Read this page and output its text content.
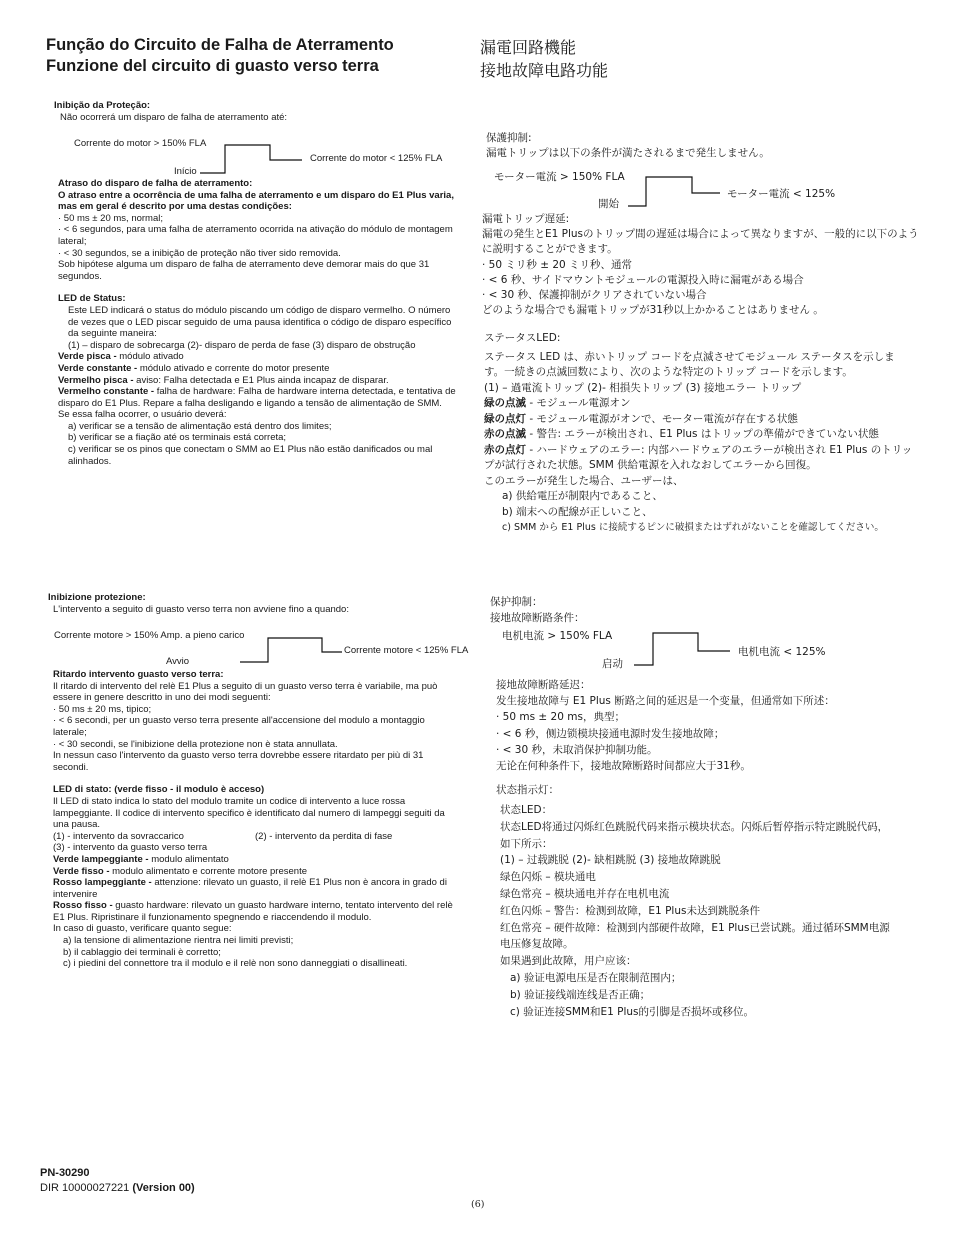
Função do Circuito de Falha de Aterramento
Funzione del circuito di guasto verso terra
漏電回路機能
接地故障电路功能
Inibição da Proteção:
Não ocorrerá um disparo de falha de aterramento até:
Corrente do motor > 150% FLA
Início
Corrente do motor < 125% FLA
Atraso do disparo de falha de aterramento:
O atraso entre a ocorrência de uma falha de aterramento e um disparo do E1 Plus varia, mas em geral é descrito por uma destas condições:
· 50 ms ± 20 ms, normal;
· < 6 segundos, para uma falha de aterramento ocorrida na ativação do módulo de montagem lateral;
· < 30 segundos, se a inibição de proteção não tiver sido removida.
Sob hipótese alguma um disparo de falha de aterramento deve demorar mais do que 31 segundos.
LED de Status:
Este LED indicará o status do módulo piscando um código de disparo vermelho. O número de vezes que o LED piscar seguido de uma pausa identifica o código de disparo específico da seguinte maneira:
(1) – disparo de sobrecarga (2)- disparo de perda de fase (3) disparo de obstrução
Verde pisca - módulo ativado
Verde constante - módulo ativado e corrente do motor presente
Vermelho pisca - aviso: Falha detectada e E1 Plus ainda incapaz de disparar.
Vermelho constante - falha de hardware: Falha de hardware interna detectada, e tentativa de disparo do E1 Plus. Repare a falha desligando e ligando a tensão de alimentação de SMM.
Se essa falha ocorrer, o usuário deverá:
a) verificar se a tensão de alimentação está dentro dos limites;
b) verificar se a fiação até os terminais está correta;
c) verificar se os pinos que conectam o SMM ao E1 Plus não estão danificados ou mal alinhados.
保護抑制:
漏電トリップは以下の条件が満たされるまで発生しません。
モーター電流 > 150% FLA
開始
モーター電流 < 125%
漏電トリップ遅延:
漏電の発生とE1 Plusのトリップ間の遅延は場合によって異なりますが、一般的に以下のように説明することができます。
· 50 ミリ秒 ± 20 ミリ秒、通常
· < 6 秒、サイドマウントモジュールの電源投入時に漏電がある場合
· < 30 秒、保護抑制がクリアされていない場合
どのような場合でも漏電トリップが31秒以上かかることはありません 。
ステータスLED:
ステータス LED は、赤いトリップ コードを点滅させてモジュール ステータスを示します。一続きの点滅回数により、次のような特定のトリップ コードを示します。
(1) – 過電流トリップ (2)- 相損失トリップ (3) 接地エラー トリップ
緑の点滅 - モジュール電源オン
緑の点灯 - モジュール電源がオンで、モーター電流が存在する状態
赤の点滅 - 警告: エラーが検出され、E1 Plus はトリップの準備ができていない状態
赤の点灯 - ハードウェアのエラー: 内部ハードウェアのエラーが検出され E1 Plus のトリップが試行された状態。SMM 供給電源を入れなおしてエラーから回復。
このエラーが発生した場合、ユーザーは、
a) 供給電圧が制限内であること、
b) 端末への配線が正しいこと、
c) SMM から E1 Plus に接続するピンに破損またはずれがないことを確認してください。
Inibizione protezione:
L'intervento a seguito di guasto verso terra non avviene fino a quando:
Corrente motore > 150% Amp. a pieno carico
Avvio
Corrente motore < 125% FLA
Ritardo intervento guasto verso terra:
Il ritardo di intervento del relè E1 Plus a seguito di un guasto verso terra è variabile, ma può essere in genere descritto in uno dei modi seguenti:
· 50 ms ± 20 ms, tipico;
· < 6 secondi, per un guasto verso terra presente all'accensione del modulo a montaggio laterale;
· < 30 secondi, se l'inibizione della protezione non è stata annullata.
In nessun caso l'intervento da guasto verso terra dovrebbe essere ritardato per più di 31 secondi.
LED di stato: (verde fisso - il modulo è acceso)
Il LED di stato indica lo stato del modulo tramite un codice di intervento a luce rossa lampeggiante. Il codice di intervento specifico è identificato dal numero di lampeggi seguiti da una pausa.
(1) - intervento da sovraccarico	(2) - intervento da perdita di fase
(3) - intervento da guasto verso terra
Verde lampeggiante - modulo alimentato
Verde fisso - modulo alimentato e corrente motore presente
Rosso lampeggiante - attenzione: rilevato un guasto, il relè E1 Plus non è ancora in grado di intervenire
Rosso fisso - guasto hardware: rilevato un guasto hardware interno, tentato intervento del relè E1 Plus. Ripristinare il funzionamento spegnendo e riaccendendo il modulo.
In caso di guasto, verificare quanto segue:
a) la tensione di alimentazione rientra nei limiti previsti;
b) il cablaggio dei terminali è corretto;
c) i piedini del connettore tra il modulo e il relè non sono danneggiati o disallineati.
保护抑制：
接地故障断路条件：
电机电流 > 150% FLA
启动
电机电流 < 125%
接地故障断路延迟：
发生接地故障与 E1 Plus 断路之间的延迟是一个变量，但通常如下所述：
· 50 ms ± 20 ms，典型；
· < 6 秒，侧边锁模块接通电源时发生接地故障；
· < 30 秒，未取消保护抑制功能。
无论在何种条件下，接地故障断路时间都应大于31秒。
状态指示灯：
状态LED：
状态LED将通过闪烁红色跳脱代码来指示模块状态。闪烁后暂停指示特定跳脱代码，如下所示：
(1) – 过载跳脱 (2)- 缺相跳脱 (3) 接地故障跳脱
绿色闪烁 – 模块通电
绿色常亮 – 模块通电并存在电机电流
红色闪烁 – 警告：检测到故障，E1 Plus未达到跳脱条件
红色常亮 – 硬件故障：检测到内部硬件故障，E1 Plus已尝试跳。通过循环SMM电源电压修复故障。
如果遇到此故障，用户应该：
a) 验证电源电压是否在限制范围内；
b) 验证接线端连线是否正确；
c) 验证连接SMM和E1 Plus的引脚是否损坏或移位。
PN-30290
DIR 10000027221 (Version 00)
(6)
